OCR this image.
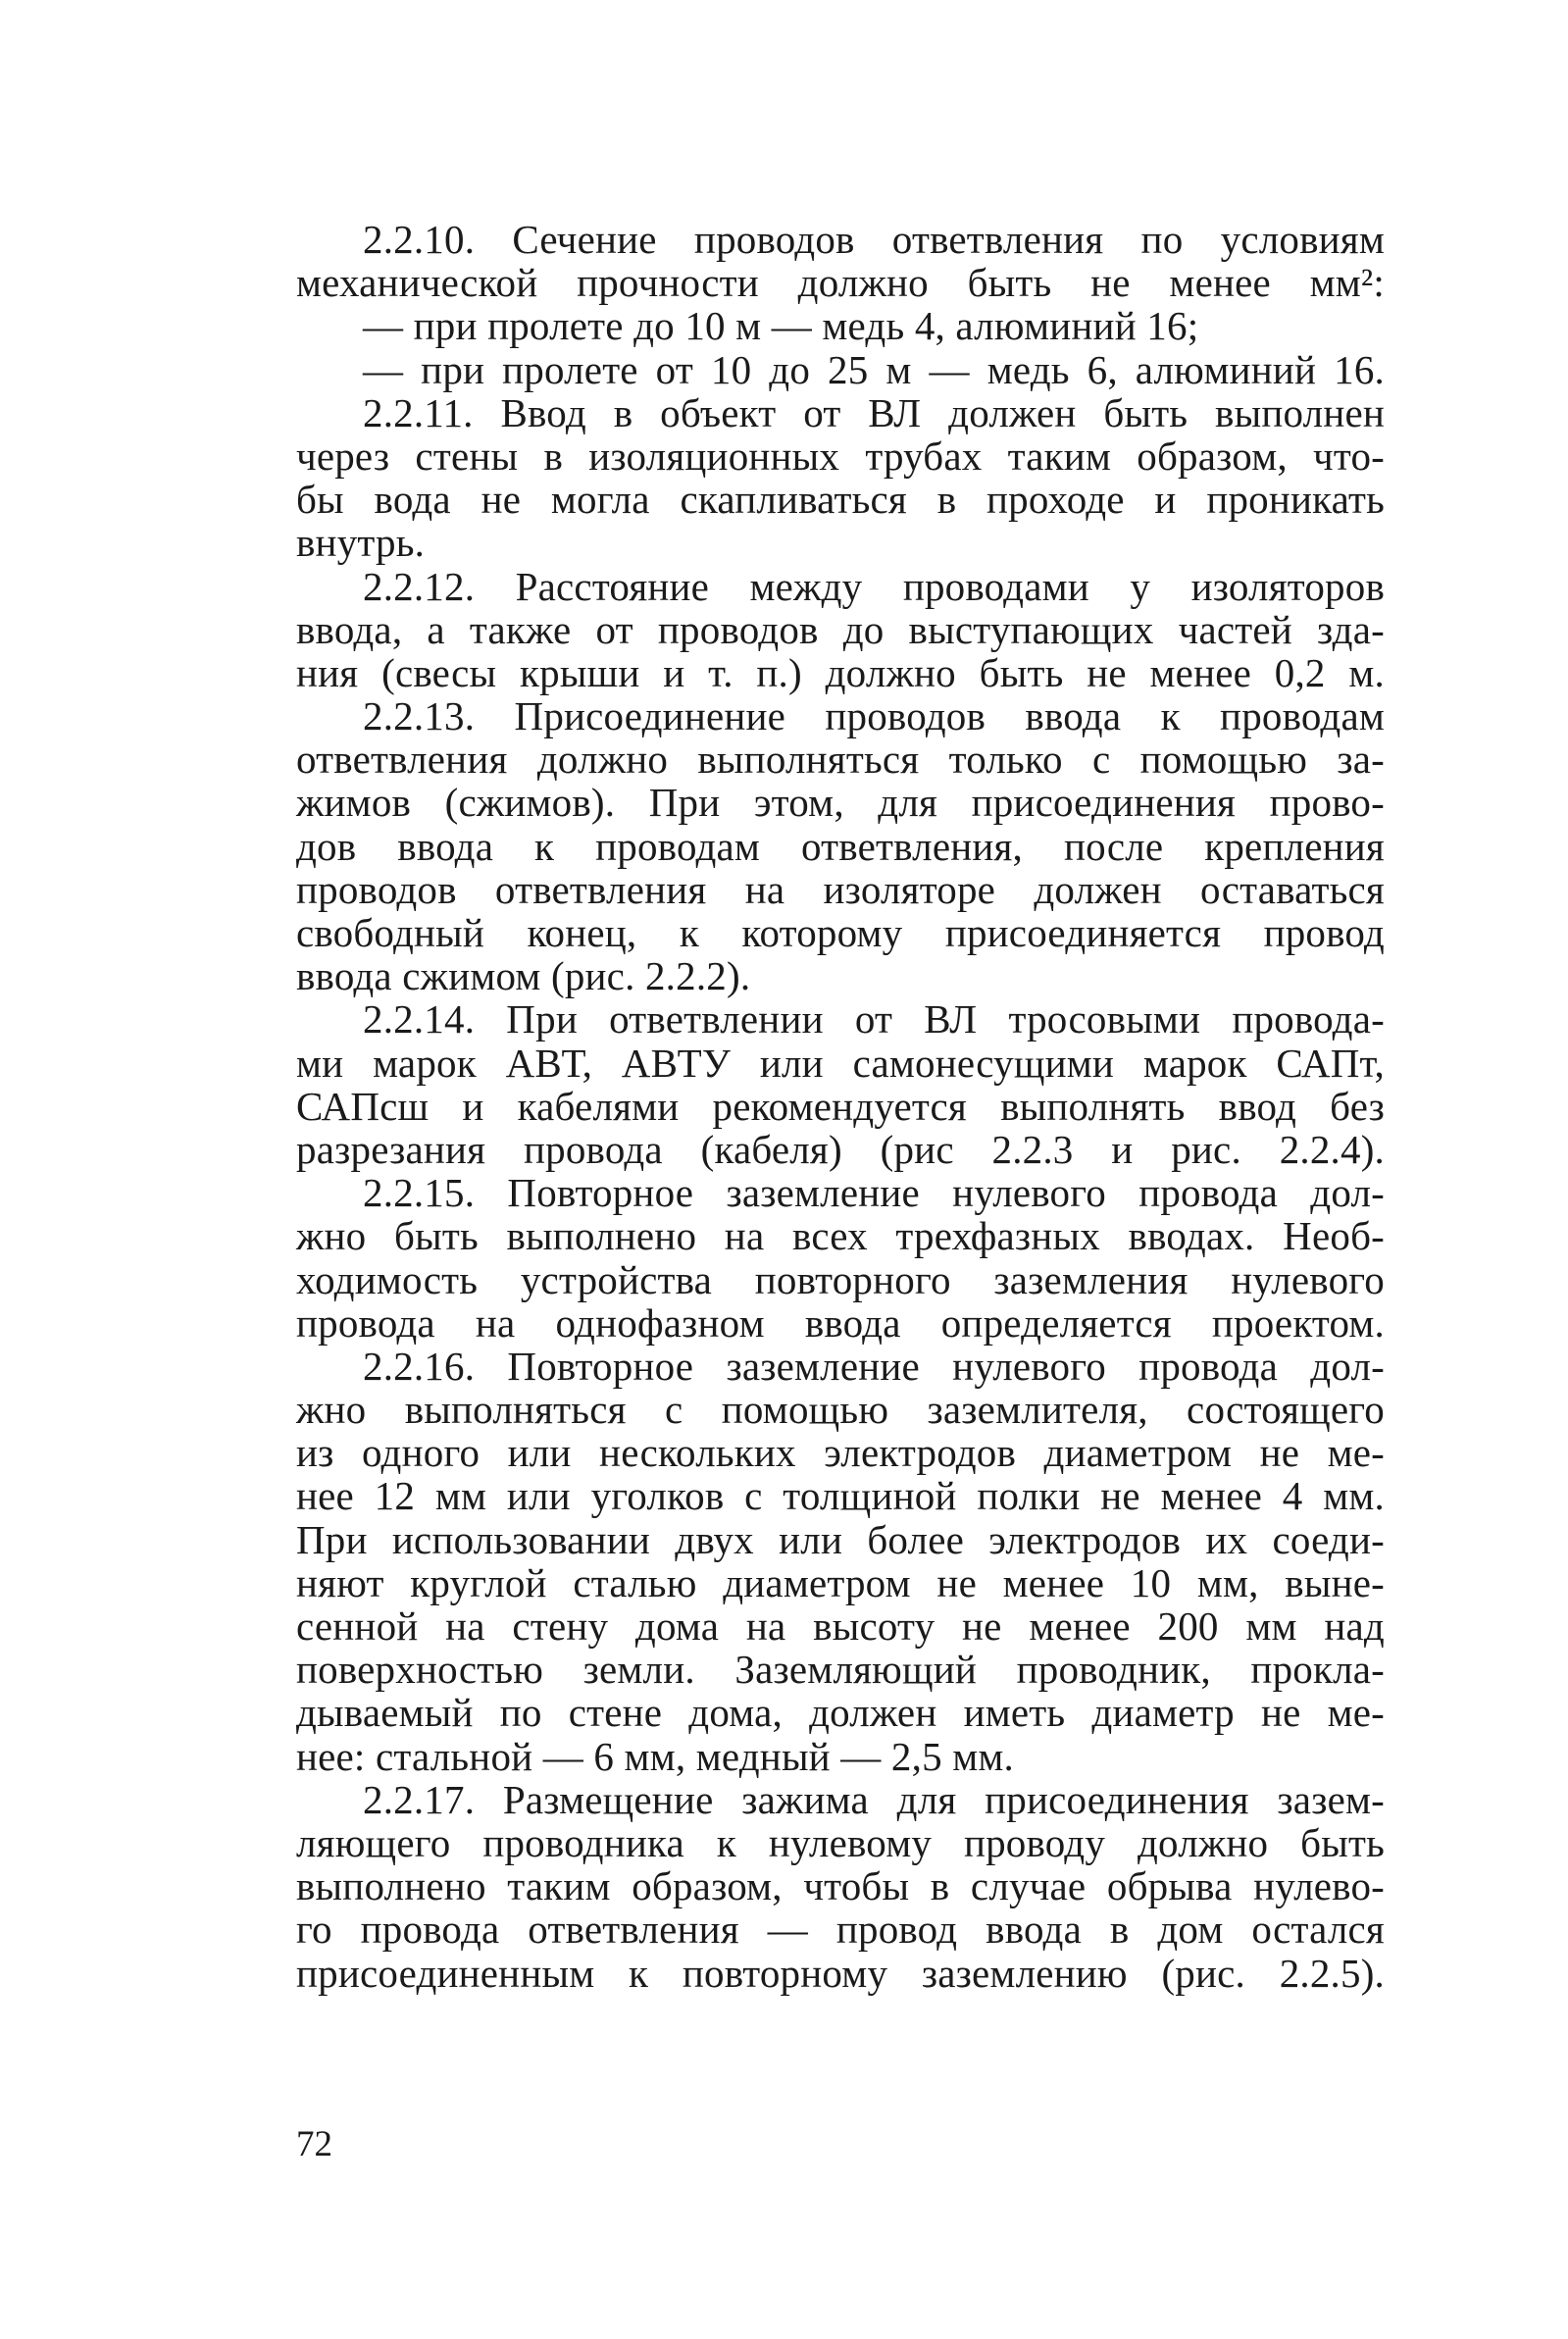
2.2.10. Сечение проводов ответвления по условиям
механической прочности должно быть не менее мм²:
— при пролете до 10 м — медь 4, алюминий 16;
— при пролете от 10 до 25 м — медь 6, алюминий 16.
2.2.11. Ввод в объект от ВЛ должен быть выполнен
через стены в изоляционных трубах таким образом, что-
бы вода не могла скапливаться в проходе и проникать
внутрь.
2.2.12. Расстояние между проводами у изоляторов
ввода, а также от проводов до выступающих частей зда-
ния (свесы крыши и т. п.) должно быть не менее 0,2 м.
2.2.13. Присоединение проводов ввода к проводам
ответвления должно выполняться только с помощью за-
жимов (сжимов). При этом, для присоединения прово-
дов ввода к проводам ответвления, после крепления
проводов ответвления на изоляторе должен оставаться
свободный конец, к которому присоединяется провод
ввода сжимом (рис. 2.2.2).
2.2.14. При ответвлении от ВЛ тросовыми провода-
ми марок АВТ, АВТУ или самонесущими марок САПт,
САПсш и кабелями рекомендуется выполнять ввод без
разрезания провода (кабеля) (рис 2.2.3 и рис. 2.2.4).
2.2.15. Повторное заземление нулевого провода дол-
жно быть выполнено на всех трехфазных вводах. Необ-
ходимость устройства повторного заземления нулевого
провода на однофазном ввода определяется проектом.
2.2.16. Повторное заземление нулевого провода дол-
жно выполняться с помощью заземлителя, состоящего
из одного или нескольких электродов диаметром не ме-
нее 12 мм или уголков с толщиной полки не менее 4 мм.
При использовании двух или более электродов их соеди-
няют круглой сталью диаметром не менее 10 мм, выне-
сенной на стену дома на высоту не менее 200 мм над
поверхностью земли. Заземляющий проводник, прокла-
дываемый по стене дома, должен иметь диаметр не ме-
нее: стальной — 6 мм, медный — 2,5 мм.
2.2.17. Размещение зажима для присоединения зазем-
ляющего проводника к нулевому проводу должно быть
выполнено таким образом, чтобы в случае обрыва нулево-
го провода ответвления — провод ввода в дом остался
присоединенным к повторному заземлению (рис. 2.2.5).
72
